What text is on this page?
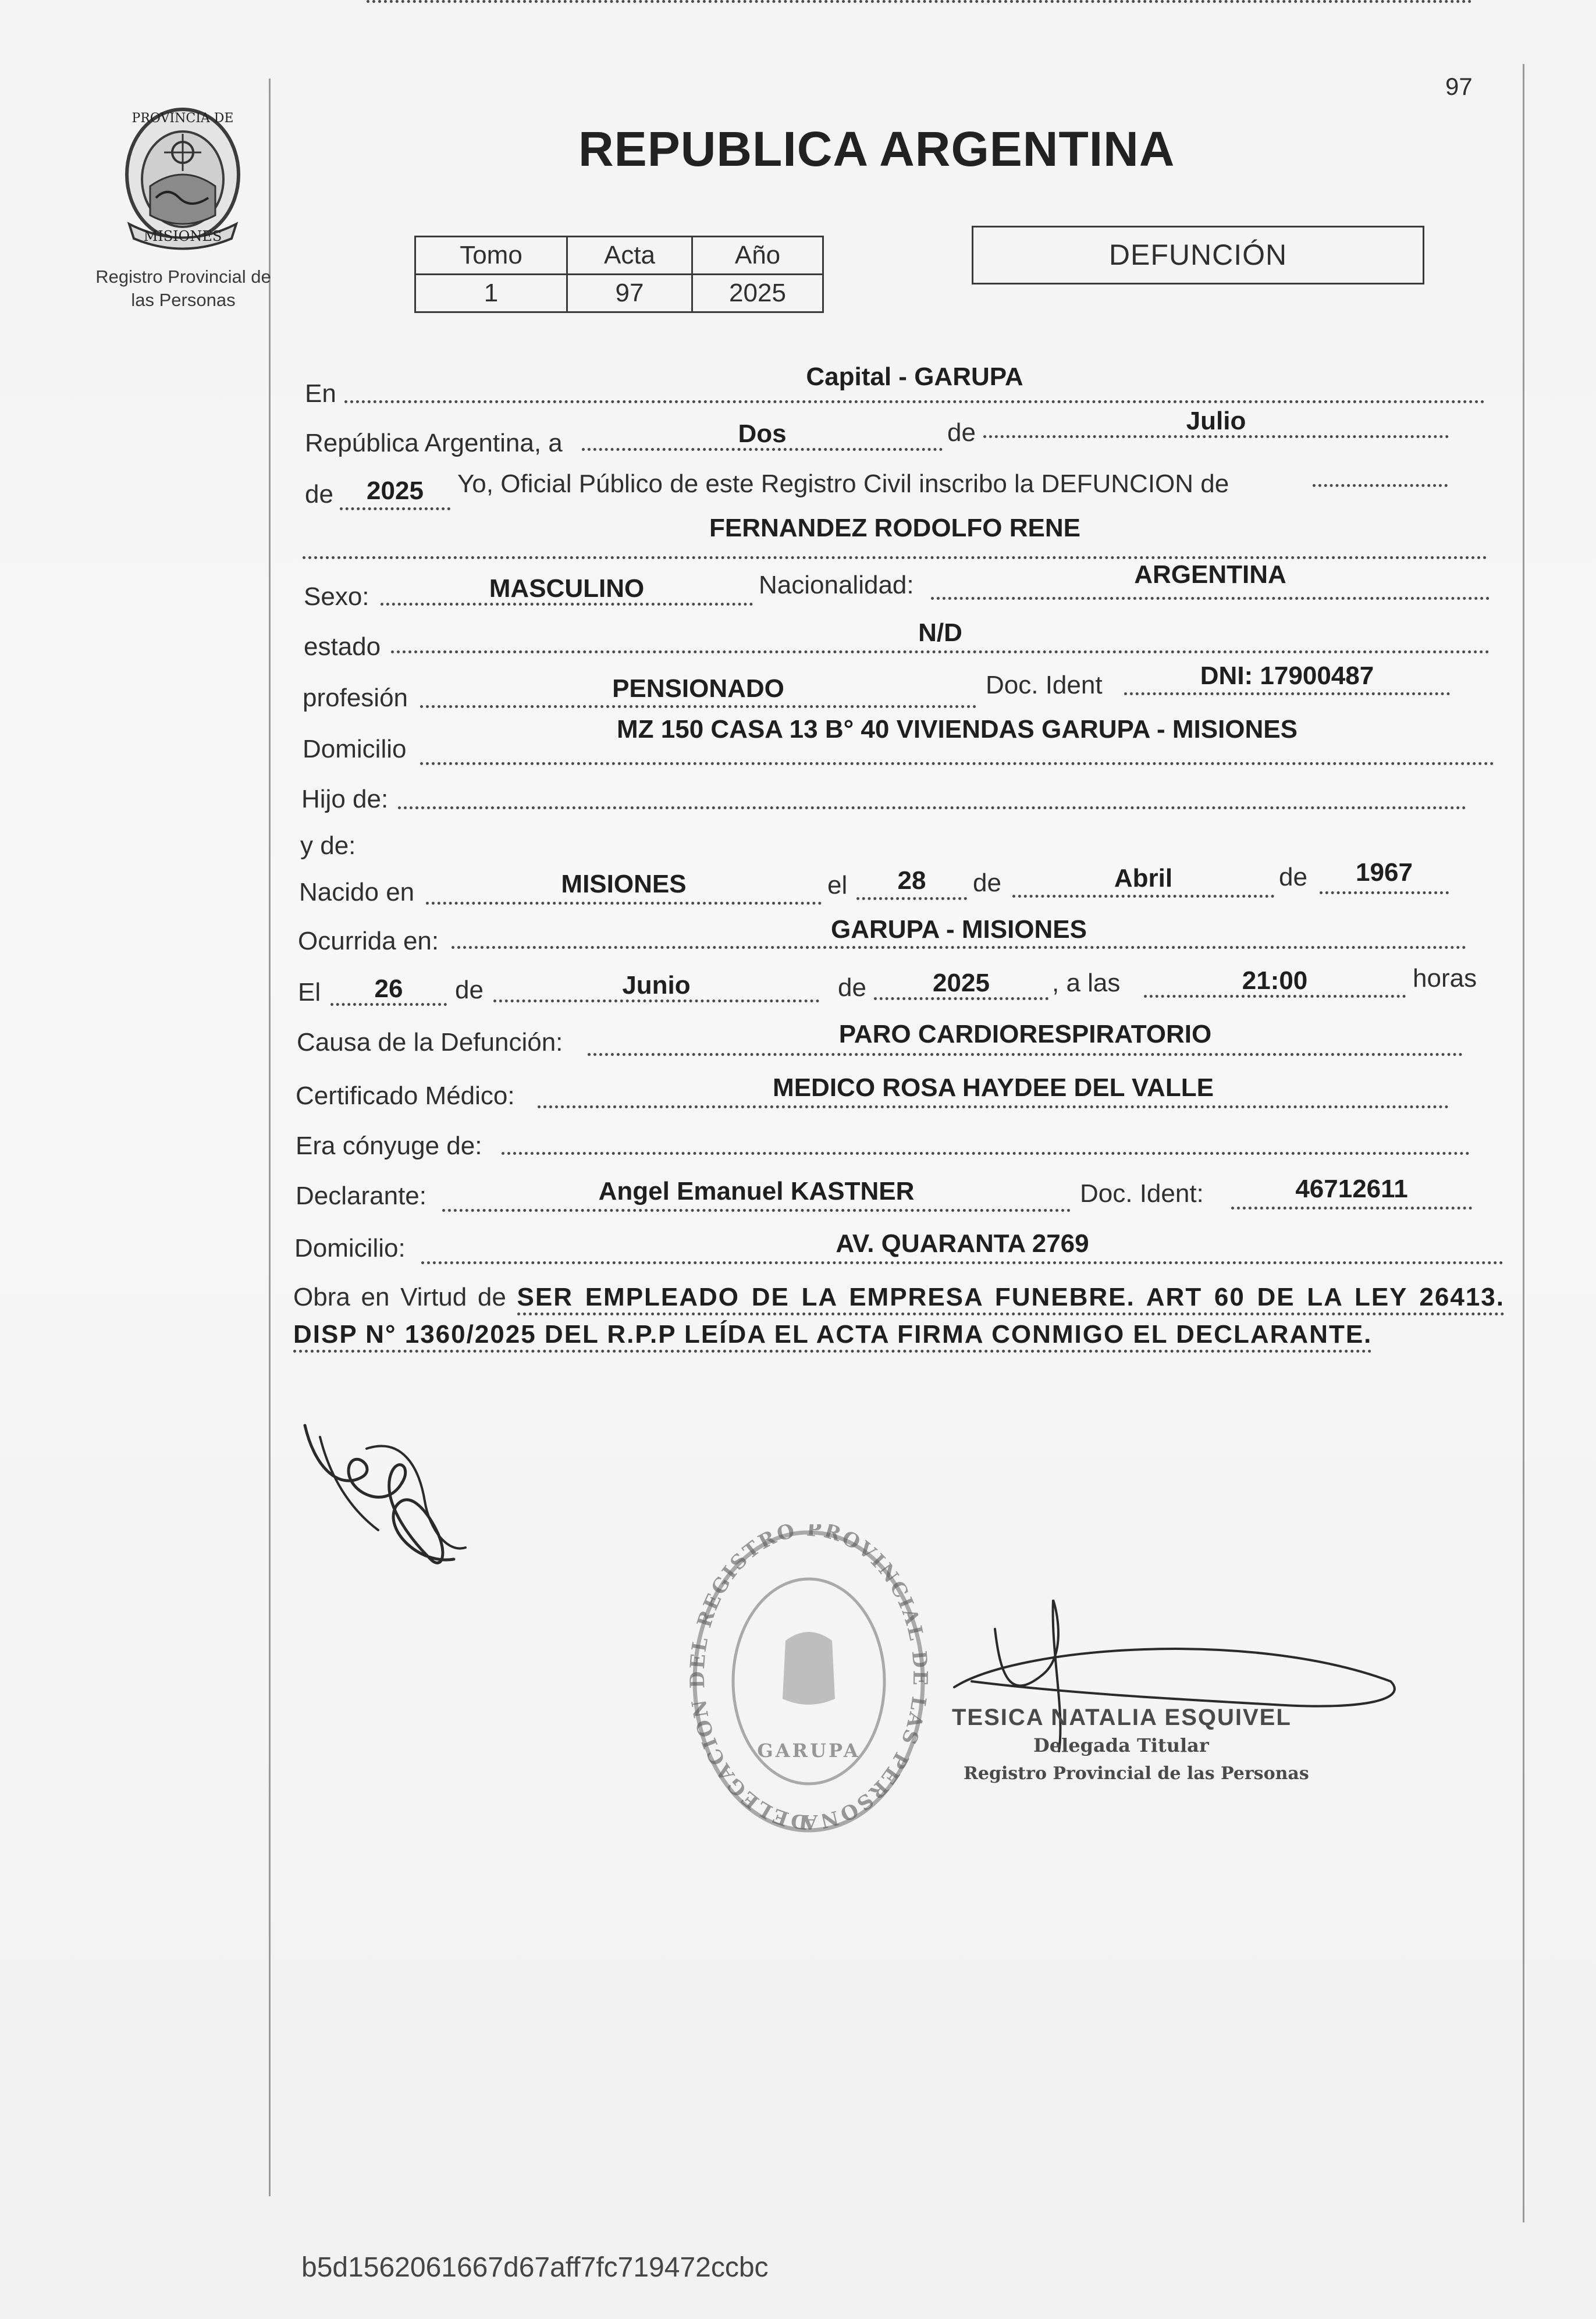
97
PROVINCIA DE
MISIONES
Registro Provincial de las Personas
REPUBLICA ARGENTINA
Tomo	Acta	Año
1	97	2025
DEFUNCIÓN
En
Capital - GARUPA
República Argentina, a	Dos	de	Julio
de	2025	Yo, Oficial Público de este Registro Civil inscribo la DEFUNCION de
FERNANDEZ RODOLFO RENE
Sexo:	MASCULINO	Nacionalidad:	ARGENTINA
estado	N/D
profesión	PENSIONADO	Doc. Ident	DNI: 17900487
Domicilio
MZ 150 CASA 13 B° 40 VIVIENDAS GARUPA - MISIONES
Hijo de:
y de:
Nacido en	MISIONES	el	28	de	Abril	de	1967
Ocurrida en:	GARUPA - MISIONES
El	26	de	Junio	de	2025	, a las	21:00	horas
Causa de la Defunción:	PARO CARDIORESPIRATORIO
Certificado Médico:	MEDICO ROSA HAYDEE DEL VALLE
Era cónyuge de:
Declarante:	Angel Emanuel KASTNER	Doc. Ident:	46712611
Domicilio:	AV. QUARANTA 2769
Obra en Virtud de SER EMPLEADO DE LA EMPRESA FUNEBRE. ART 60 DE LA LEY 26413. DISP N° 1360/2025 DEL R.P.P LEÍDA EL ACTA FIRMA CONMIGO EL DECLARANTE.
DELEGACION DEL REGISTRO PROVINCIAL DE LAS PERSONA
GARUPA
TESICA NATALIA ESQUIVEL
Delegada Titular
Registro Provincial de las Personas
b5d1562061667d67aff7fc719472ccbc
